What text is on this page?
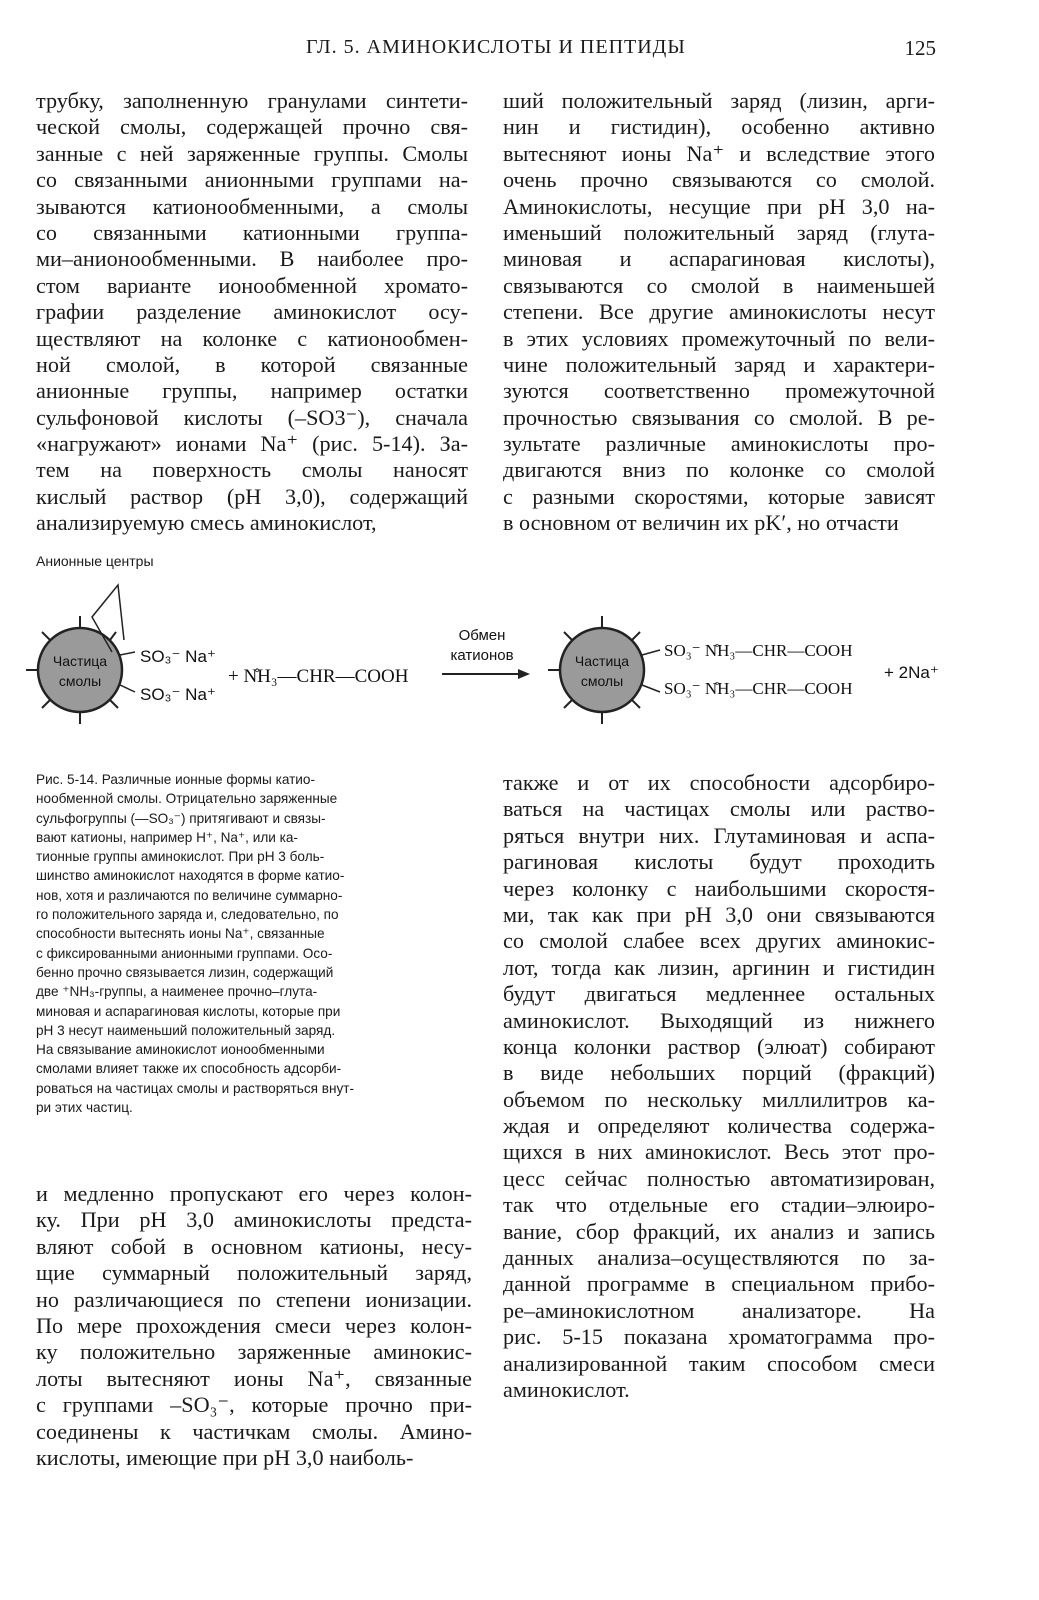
ГЛ. 5. АМИНОКИСЛОТЫ И ПЕПТИДЫ	125
трубку, заполненную гранулами синтети-
ческой смолы, содержащей прочно свя-
занные с ней заряженные группы. Смолы
со связанными анионными группами на-
зываются катионообменными, а смолы
со связанными катионными группа-
ми–анионообменными. В наиболее про-
стом варианте ионообменной хромато-
графии разделение аминокислот осу-
ществляют на колонке с катионообмен-
ной смолой, в которой связанные
анионные группы, например остатки
сульфоновой кислоты (–SO3⁻), сначала
«нагружают» ионами Na⁺ (рис. 5-14). За-
тем на поверхность смолы наносят
кислый раствор (pH 3,0), содержащий
анализируемую смесь аминокислот,
ший положительный заряд (лизин, арги-
нин и гистидин), особенно активно
вытесняют ионы Na⁺ и вследствие этого
очень прочно связываются со смолой.
Аминокислоты, несущие при pH 3,0 на-
именьший положительный заряд (глута-
миновая и аспарагиновая кислоты),
связываются со смолой в наименьшей
степени. Все другие аминокислоты несут
в этих условиях промежуточный по вели-
чине положительный заряд и характери-
зуются соответственно промежуточной
прочностью связывания со смолой. В ре-
зультате различные аминокислоты про-
двигаются вниз по колонке со смолой
с разными скоростями, которые зависят
в основном от величин их pK′, но отчасти
Анионные центры
Частица
смолы
SO₃⁻ Na⁺
SO₃⁻ Na⁺
+ N̊H₃—CHR—COOH
Обмен
катионов	Частица
смолы
SO₃⁻ N̊H₃—CHR—COOH
SO₃⁻ N̊H₃—CHR—COOH
+ 2Na⁺
Рис. 5-14. Различные ионные формы катио-
нообменной смолы. Отрицательно заряженные
сульфогруппы (—SO₃⁻) притягивают и связы-
вают катионы, например H⁺, Na⁺, или ка-
тионные группы аминокислот. При pH 3 боль-
шинство аминокислот находятся в форме катио-
нов, хотя и различаются по величине суммарно-
го положительного заряда и, следовательно, по
способности вытеснять ионы Na⁺, связанные
с фиксированными анионными группами. Осо-
бенно прочно связывается лизин, содержащий
две ⁺NH₃-группы, а наименее прочно–глута-
миновая и аспарагиновая кислоты, которые при
pH 3 несут наименьший положительный заряд.
На связывание аминокислот ионообменными
смолами влияет также их способность адсорби-
роваться на частицах смолы и растворяться внут-
ри этих частиц.
и медленно пропускают его через колон-
ку. При pH 3,0 аминокислоты предста-
вляют собой в основном катионы, несу-
щие суммарный положительный заряд,
но различающиеся по степени ионизации.
По мере прохождения смеси через колон-
ку положительно заряженные аминокис-
лоты вытесняют ионы Na⁺, связанные
с группами –SO₃⁻, которые прочно при-
соединены к частичкам смолы. Амино-
кислоты, имеющие при pH 3,0 наиболь-
также и от их способности адсорбиро-
ваться на частицах смолы или раство-
ряться внутри них. Глутаминовая и аспа-
рагиновая кислоты будут проходить
через колонку с наибольшими скоростя-
ми, так как при pH 3,0 они связываются
со смолой слабее всех других аминокис-
лот, тогда как лизин, аргинин и гистидин
будут двигаться медленнее остальных
аминокислот. Выходящий из нижнего
конца колонки раствор (элюат) собирают
в виде небольших порций (фракций)
объемом по нескольку миллилитров ка-
ждая и определяют количества содержа-
щихся в них аминокислот. Весь этот про-
цесс сейчас полностью автоматизирован,
так что отдельные его стадии–элюиро-
вание, сбор фракций, их анализ и запись
данных анализа–осуществляются по за-
данной программе в специальном прибо-
ре–аминокислотном анализаторе. На
рис. 5-15 показана хроматограмма про-
анализированной таким способом смеси
аминокислот.
